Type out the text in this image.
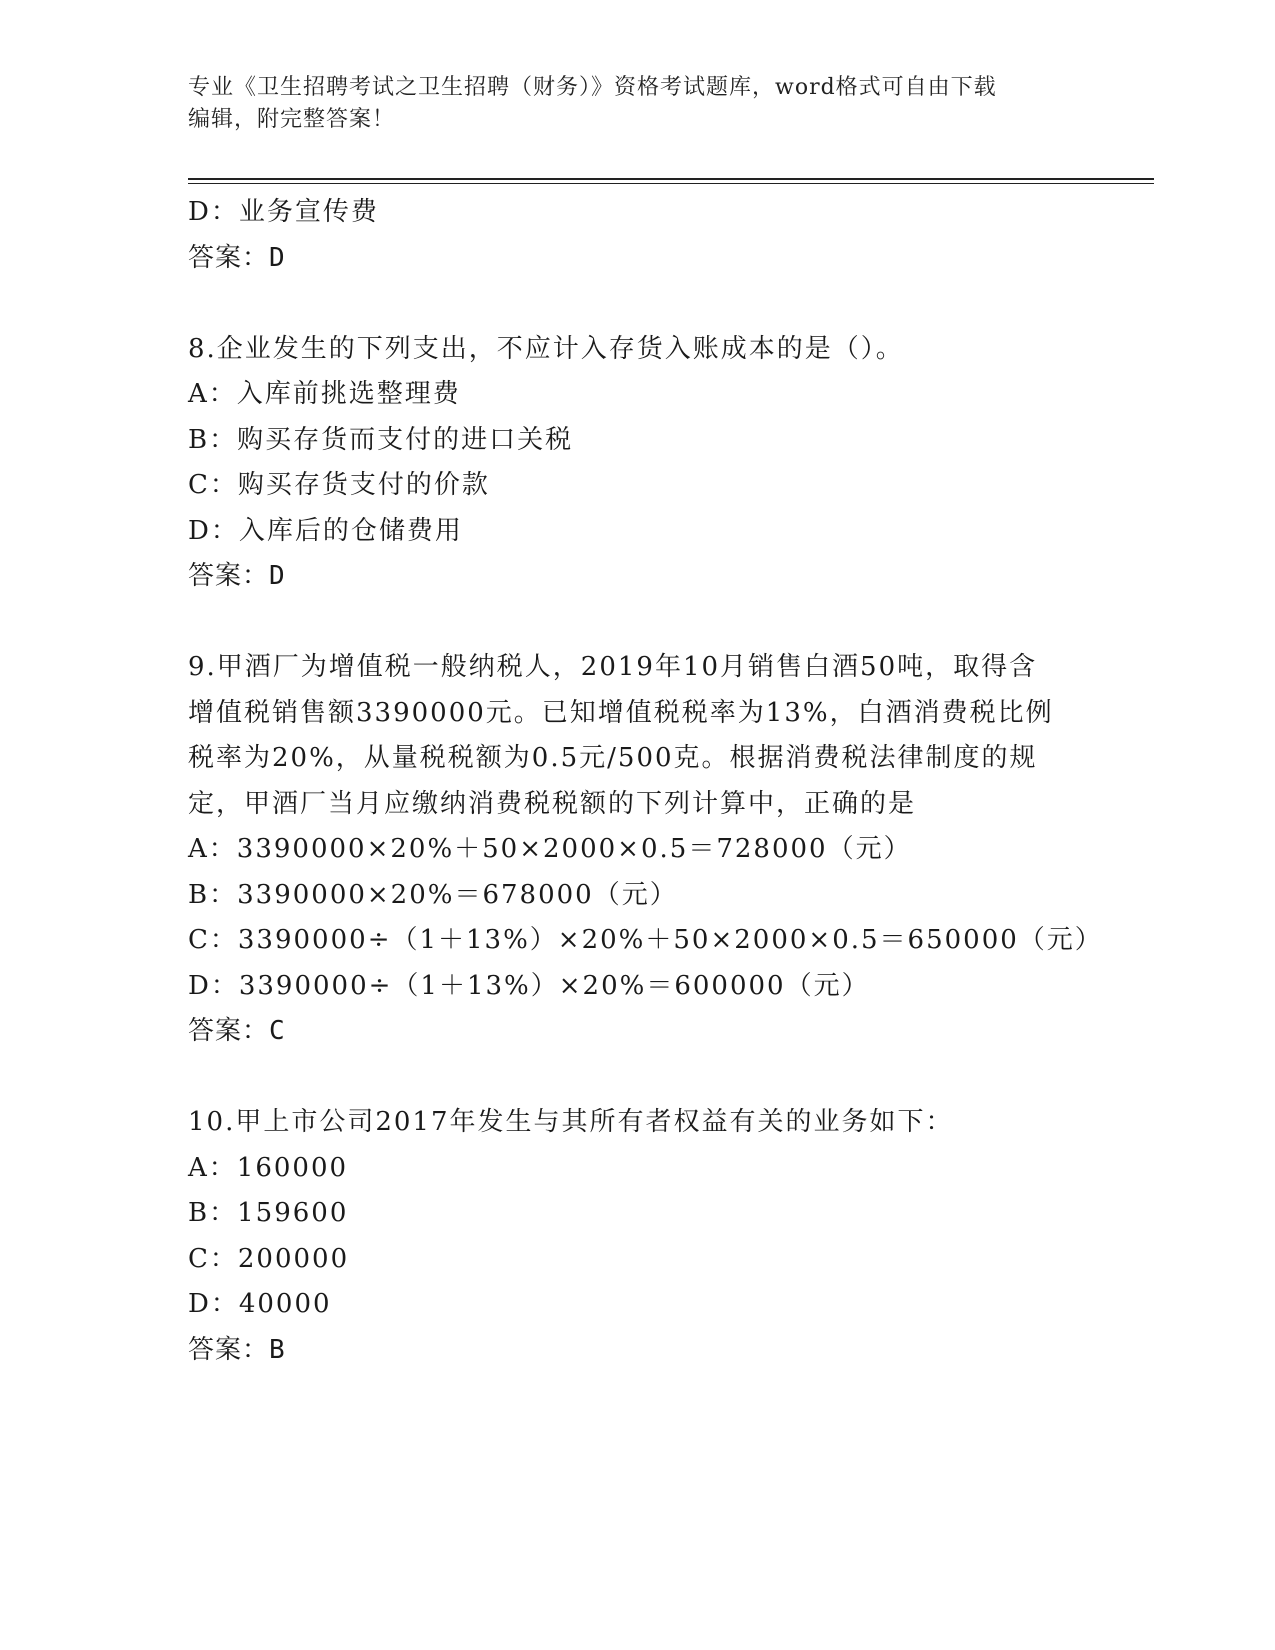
专业《卫生招聘考试之卫生招聘（财务）》资格考试题库，word格式可自由下载
编辑，附完整答案！
D：业务宣传费
答案：D
8.企业发生的下列支出，不应计入存货入账成本的是（）。
A：入库前挑选整理费
B：购买存货而支付的进口关税
C：购买存货支付的价款
D：入库后的仓储费用
答案：D
9.甲酒厂为增值税一般纳税人，2019年10月销售白酒50吨，取得含
增值税销售额3390000元。已知增值税税率为13%，白酒消费税比例
税率为20%，从量税税额为0.5元/500克。根据消费税法律制度的规
定，甲酒厂当月应缴纳消费税税额的下列计算中，正确的是
A：3390000×20%＋50×2000×0.5＝728000（元）
B：3390000×20%＝678000（元）
C：3390000÷（1＋13%）×20%＋50×2000×0.5＝650000（元）
D：3390000÷（1＋13%）×20%＝600000（元）
答案：C
10.甲上市公司2017年发生与其所有者权益有关的业务如下：
A：160000
B：159600
C：200000
D：40000
答案：B
